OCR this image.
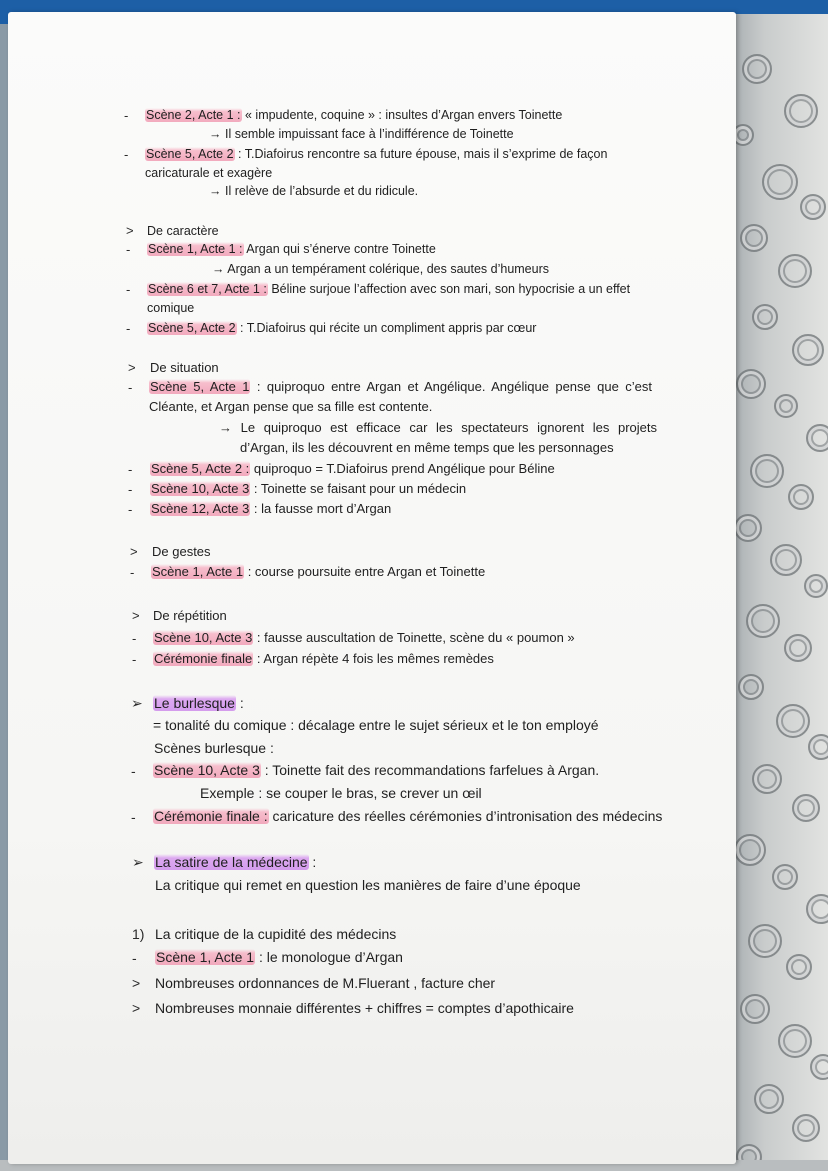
- Scène 2, Acte 1 : « impudente, coquine » : insultes d’Argan envers Toinette
→ Il semble impuissant face à l’indifférence de Toinette
- Scène 5, Acte 2 : T.Diafoirus rencontre sa future épouse, mais il s’exprime de façon
caricaturale et exagère
→ Il relève de l’absurde et du ridicule.
> De caractère
- Scène 1, Acte 1 : Argan qui s’énerve contre Toinette
→ Argan a un tempérament colérique, des sautes d’humeurs
- Scène 6 et 7, Acte 1 : Béline surjoue l’affection avec son mari, son hypocrisie a un effet
comique
- Scène 5, Acte 2 : T.Diafoirus qui récite un compliment appris par cœur
> De situation
- Scène 5, Acte 1 : quiproquo entre Argan et Angélique. Angélique pense que c’est
Cléante, et Argan pense que sa fille est contente.
→ Le quiproquo est efficace car les spectateurs ignorent les projets
d’Argan, ils les découvrent en même temps que les personnages
- Scène 5, Acte 2 : quiproquo = T.Diafoirus prend Angélique pour Béline
- Scène 10, Acte 3 : Toinette se faisant pour un médecin
- Scène 12, Acte 3 : la fausse mort d’Argan
> De gestes
- Scène 1, Acte 1 : course poursuite entre Argan et Toinette
> De répétition
- Scène 10, Acte 3 : fausse auscultation de Toinette, scène du « poumon »
- Cérémonie finale : Argan répète 4 fois les mêmes remèdes
➢ Le burlesque :
= tonalité du comique : décalage entre le sujet sérieux et le ton employé
Scènes burlesque :
- Scène 10, Acte 3 : Toinette fait des recommandations farfelues à Argan.
Exemple : se couper le bras, se crever un œil
- Cérémonie finale : caricature des réelles cérémonies d’intronisation des médecins
➢ La satire de la médecine :
La critique qui remet en question les manières de faire d’une époque
1) La critique de la cupidité des médecins
- Scène 1, Acte 1 : le monologue d’Argan
> Nombreuses ordonnances de M.Fluerant , facture cher
> Nombreuses monnaie différentes + chiffres = comptes d’apothicaire
